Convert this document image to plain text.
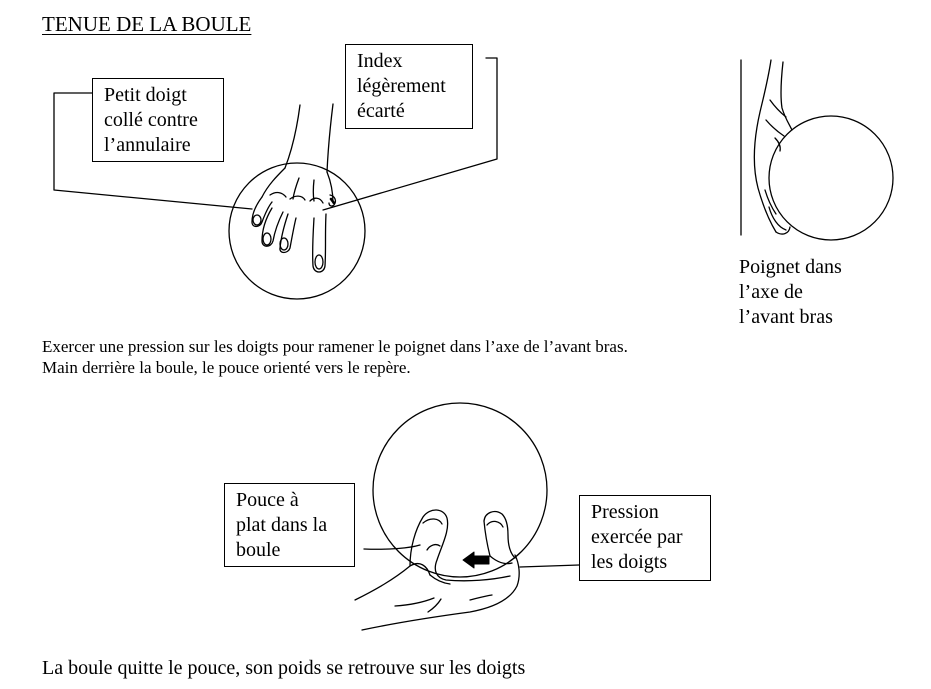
TENUE DE LA BOULE
Petit doigt
collé contre
l’annulaire
Index
légèrement
écarté
Pouce à
plat dans la
boule
Pression
exercée par
les doigts
Poignet dans
l’axe de
l’avant bras
Exercer une pression sur les doigts pour ramener le poignet dans l’axe de l’avant bras.
Main derrière la boule, le pouce orienté vers le repère.
La boule quitte le pouce, son poids se retrouve sur les doigts
